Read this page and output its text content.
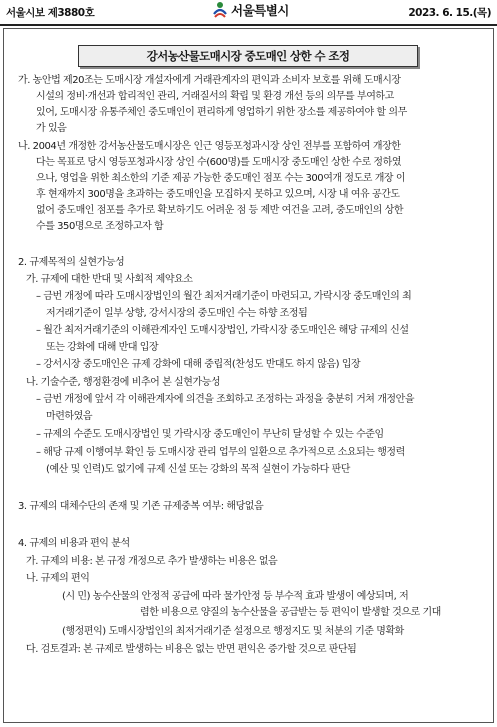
서울시보 제3880호	서울특별시	2023. 6. 15.(목)
강서농산물도매시장 중도매인 상한 수 조정
가. 농안법 제20조는 도매시장 개설자에게 거래관계자의 편익과 소비자 보호를 위해 도매시장
시설의 정비·개선과 합리적인 관리, 거래질서의 확립 및 환경 개선 등의 의무를 부여하고
있어, 도매시장 유통주체인 중도매인이 편리하게 영업하기 위한 장소를 제공하여야 할 의무
가 있음
나. 2004년 개정한 강서농산물도매시장은 인근 영등포청과시장 상인 전부를 포함하여 개장한
다는 목표로 당시 영등포청과시장 상인 수(600명)를 도매시장 중도매인 상한 수로 정하였
으나, 영업을 위한 최소한의 기준 제공 가능한 중도매인 점포 수는 300여개 정도로 개장 이
후 현재까지 300명을 초과하는 중도매인을 모집하지 못하고 있으며, 시장 내 여유 공간도
없어 중도매인 점포를 추가로 확보하기도 어려운 점 등 제반 여건을 고려, 중도매인의 상한
수를 350명으로 조정하고자 함
2. 규제목적의 실현가능성
가. 규제에 대한 반대 및 사회적 제약요소
– 금번 개정에 따라 도매시장법인의 월간 최저거래기준이 마련되고, 가락시장 중도매인의 최
저거래기준이 일부 상향, 강서시장의 중도매인 수는 하향 조정됨
– 월간 최저거래기준의 이해관계자인 도매시장법인, 가락시장 중도매인은 해당 규제의 신설
또는 강화에 대해 반대 입장
– 강서시장 중도매인은 규제 강화에 대해 중립적(찬성도 반대도 하지 않음) 입장
나. 기술수준, 행정환경에 비추어 본 실현가능성
– 금번 개정에 앞서 각 이해관계자에 의견을 조회하고 조정하는 과정을 충분히 거쳐 개정안을
마련하였음
– 규제의 수준도 도매시장법인 및 가락시장 중도매인이 무난히 달성할 수 있는 수준임
– 해당 규제 이행여부 확인 등 도매시장 관리 업무의 일환으로 추가적으로 소요되는 행정력
(예산 및 인력)도 없기에 규제 신설 또는 강화의 목적 실현이 가능하다 판단
3. 규제의 대체수단의 존재 및 기존 규제중복 여부: 해당없음
4. 규제의 비용과 편익 분석
가. 규제의 비용: 본 규정 개정으로 추가 발생하는 비용은 없음
나. 규제의 편익
(시 민) 농수산물의 안정적 공급에 따라 물가안정 등 부수적 효과 발생이 예상되며, 저
렴한 비용으로 양질의 농수산물을 공급받는 등 편익이 발생할 것으로 기대
(행정편익) 도매시장법인의 최저거래기준 설정으로 행정지도 및 처분의 기준 명확화
다. 검토결과: 본 규제로 발생하는 비용은 없는 반면 편익은 증가할 것으로 판단됨
